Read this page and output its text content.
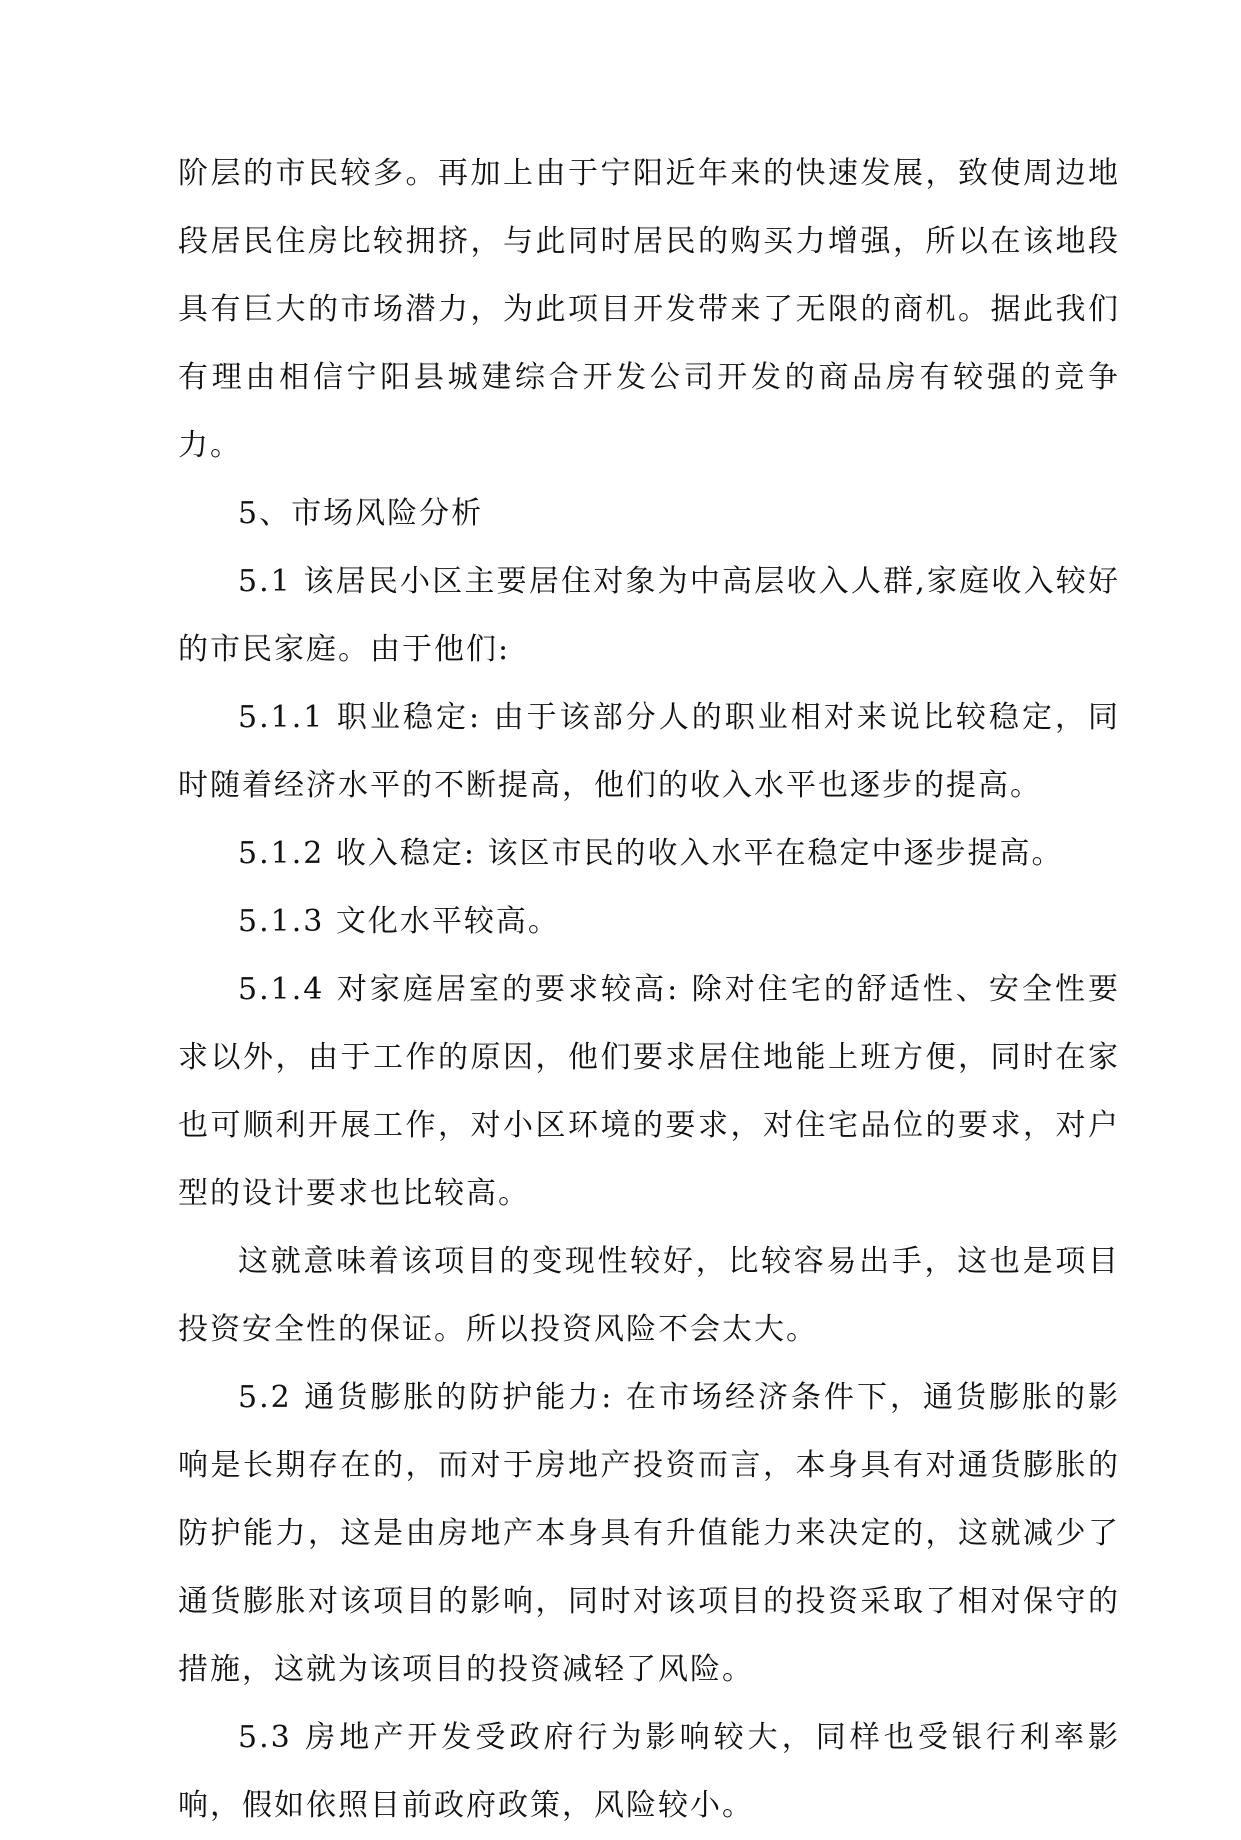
阶层的市民较多。再加上由于宁阳近年来的快速发展，致使周边地段居民住房比较拥挤，与此同时居民的购买力增强，所以在该地段具有巨大的市场潜力，为此项目开发带来了无限的商机。据此我们有理由相信宁阳县城建综合开发公司开发的商品房有较强的竞争力。

5、市场风险分析

5.1 该居民小区主要居住对象为中高层收入人群,家庭收入较好的市民家庭。由于他们:

5.1.1 职业稳定: 由于该部分人的职业相对来说比较稳定，同时随着经济水平的不断提高，他们的收入水平也逐步的提高。

5.1.2 收入稳定: 该区市民的收入水平在稳定中逐步提高。

5.1.3 文化水平较高。

5.1.4 对家庭居室的要求较高: 除对住宅的舒适性、安全性要求以外，由于工作的原因，他们要求居住地能上班方便，同时在家也可顺利开展工作，对小区环境的要求，对住宅品位的要求，对户型的设计要求也比较高。

这就意味着该项目的变现性较好，比较容易出手，这也是项目投资安全性的保证。所以投资风险不会太大。

5.2 通货膨胀的防护能力: 在市场经济条件下，通货膨胀的影响是长期存在的，而对于房地产投资而言，本身具有对通货膨胀的防护能力，这是由房地产本身具有升值能力来决定的，这就减少了通货膨胀对该项目的影响，同时对该项目的投资采取了相对保守的措施，这就为该项目的投资减轻了风险。

5.3 房地产开发受政府行为影响较大，同样也受银行利率影响，假如依照目前政府政策，风险较小。
